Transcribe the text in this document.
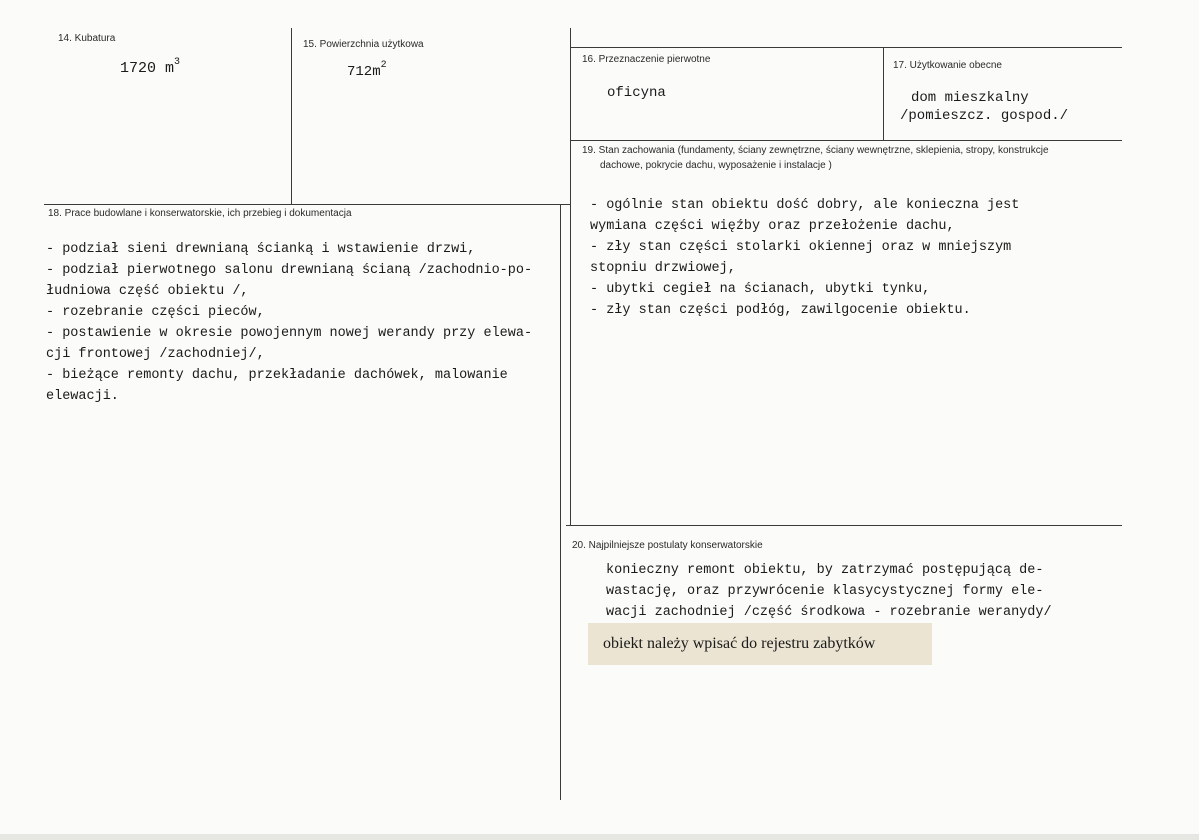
14. Kubatura
1720 $m^3$
15. Powierzchnia użytkowa
$712m^2$
16. Przeznaczenie pierwotne
oficyna
17. Użytkowanie obecne
dom mieszkalny
/pomieszcz. gospod./
19. Stan zachowania (fundamenty, ściany zewnętrzne, ściany wewnętrzne, sklepienia, stropy, konstrukcje
dachowe, pokrycie dachu, wyposażenie i instalacje )
- ogólnie stan obiektu dość dobry, ale konieczna jest
wymiana części więźby oraz przełożenie dachu,
- zły stan części stolarki okiennej oraz w mniejszym
stopniu drzwiowej,
- ubytki cegieł na ścianach, ubytki tynku,
- zły stan części podłóg, zawilgocenie obiektu.
18. Prace budowlane i konserwatorskie, ich przebieg i dokumentacja
- podział sieni drewnianą ścianką i wstawienie drzwi,
- podział pierwotnego salonu drewnianą ścianą /zachodnio-po-
łudniowa część obiektu /,
- rozebranie części pieców,
- postawienie w okresie powojennym nowej werandy przy elewa-
cji frontowej /zachodniej/,
- bieżące remonty dachu, przekładanie dachówek, malowanie
elewacji.
20. Najpilniejsze postulaty konserwatorskie
konieczny remont obiektu, by zatrzymać postępującą de-
wastację, oraz przywrócenie klasycystycznej formy ele-
wacji zachodniej /część środkowa - rozebranie weranydy/
obiekt należy wpisać do rejestru zabytków
